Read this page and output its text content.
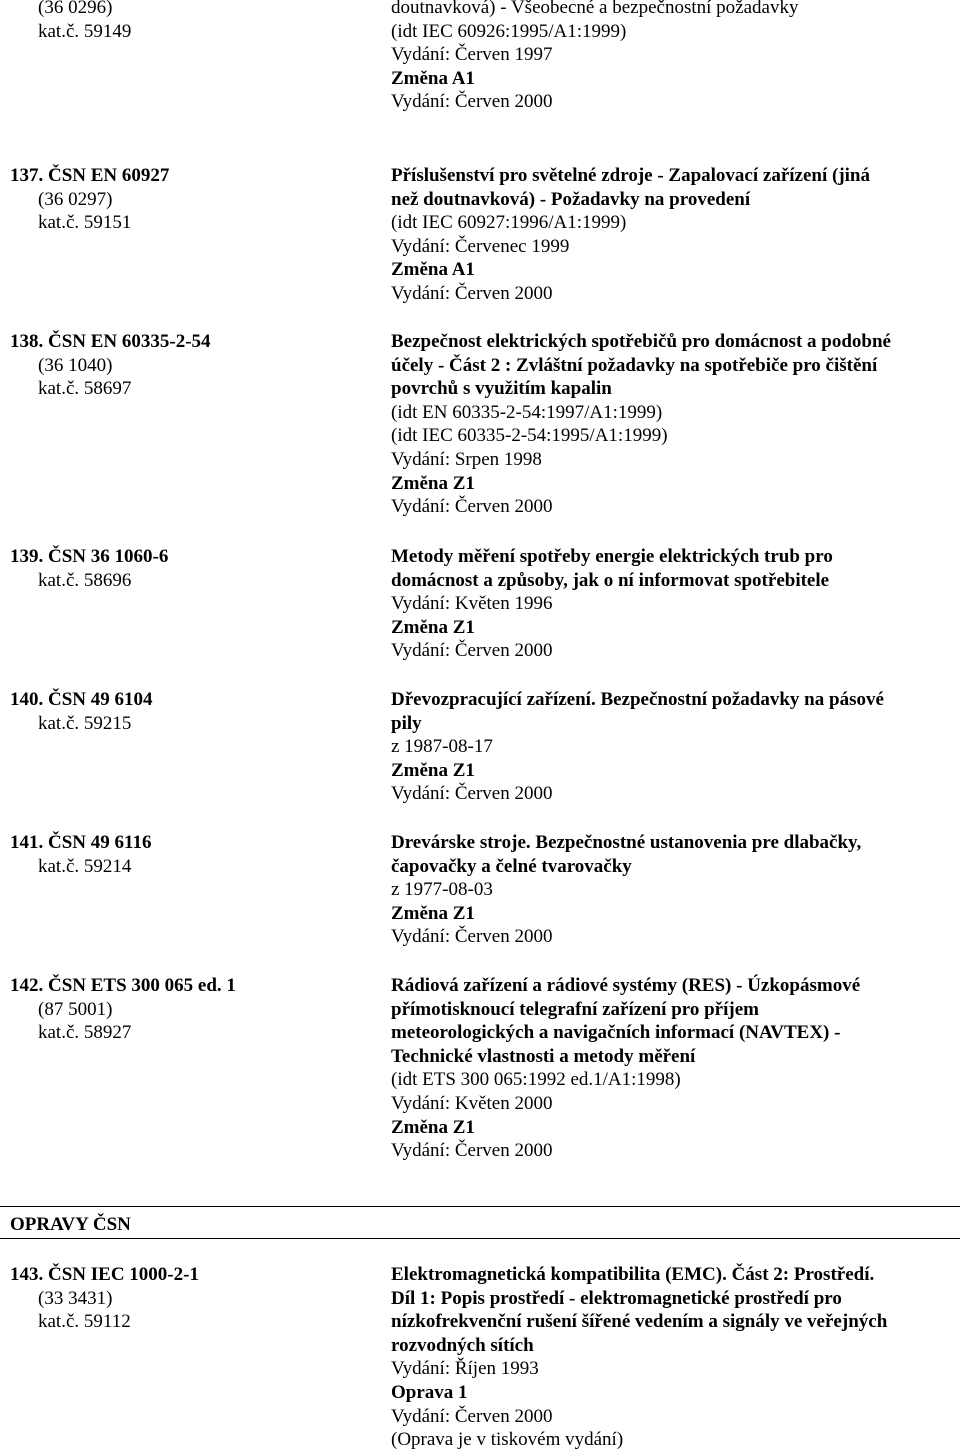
(36 0296)
kat.č. 59149
doutnavková) - Všeobecné a bezpečnostní požadavky
(idt IEC 60926:1995/A1:1999)
Vydání: Červen 1997
Změna A1
Vydání: Červen 2000
137. ČSN EN 60927
(36 0297)
kat.č. 59151
Příslušenství pro světelné zdroje - Zapalovací zařízení (jiná
než doutnavková) - Požadavky na provedení
(idt IEC 60927:1996/A1:1999)
Vydání: Červenec 1999
Změna A1
Vydání: Červen 2000
138. ČSN EN 60335-2-54
(36 1040)
kat.č. 58697
Bezpečnost elektrických spotřebičů pro domácnost a podobné
účely - Část 2 : Zvláštní požadavky na spotřebiče pro čištění
povrchů s využitím kapalin
(idt EN 60335-2-54:1997/A1:1999)
(idt IEC 60335-2-54:1995/A1:1999)
Vydání: Srpen 1998
Změna Z1
Vydání: Červen 2000
139. ČSN 36 1060-6
kat.č. 58696
Metody měření spotřeby energie elektrických trub pro
domácnost a způsoby, jak o ní informovat spotřebitele
Vydání: Květen 1996
Změna Z1
Vydání: Červen 2000
140. ČSN 49 6104
kat.č. 59215
Dřevozpracující zařízení. Bezpečnostní požadavky na pásové
pily
z 1987-08-17
Změna Z1
Vydání: Červen 2000
141. ČSN 49 6116
kat.č. 59214
Drevárske stroje. Bezpečnostné ustanovenia pre dlabačky,
čapovačky a čelné tvarovačky
z 1977-08-03
Změna Z1
Vydání: Červen 2000
142. ČSN ETS 300 065 ed. 1
(87 5001)
kat.č. 58927
Rádiová zařízení a rádiové systémy (RES) - Úzkopásmové
přímotisknoucí telegrafní zařízení pro příjem
meteorologických a navigačních informací (NAVTEX) -
Technické vlastnosti a metody měření
(idt ETS 300 065:1992 ed.1/A1:1998)
Vydání: Květen 2000
Změna Z1
Vydání: Červen 2000
OPRAVY ČSN
143. ČSN IEC 1000-2-1
(33 3431)
kat.č. 59112
Elektromagnetická kompatibilita (EMC). Část 2: Prostředí.
Díl 1: Popis prostředí - elektromagnetické prostředí pro
nízkofrekvenční rušení šířené vedením a signály ve veřejných
rozvodných sítích
Vydání: Říjen 1993
Oprava 1
Vydání: Červen 2000
(Oprava je v tiskovém vydání)
